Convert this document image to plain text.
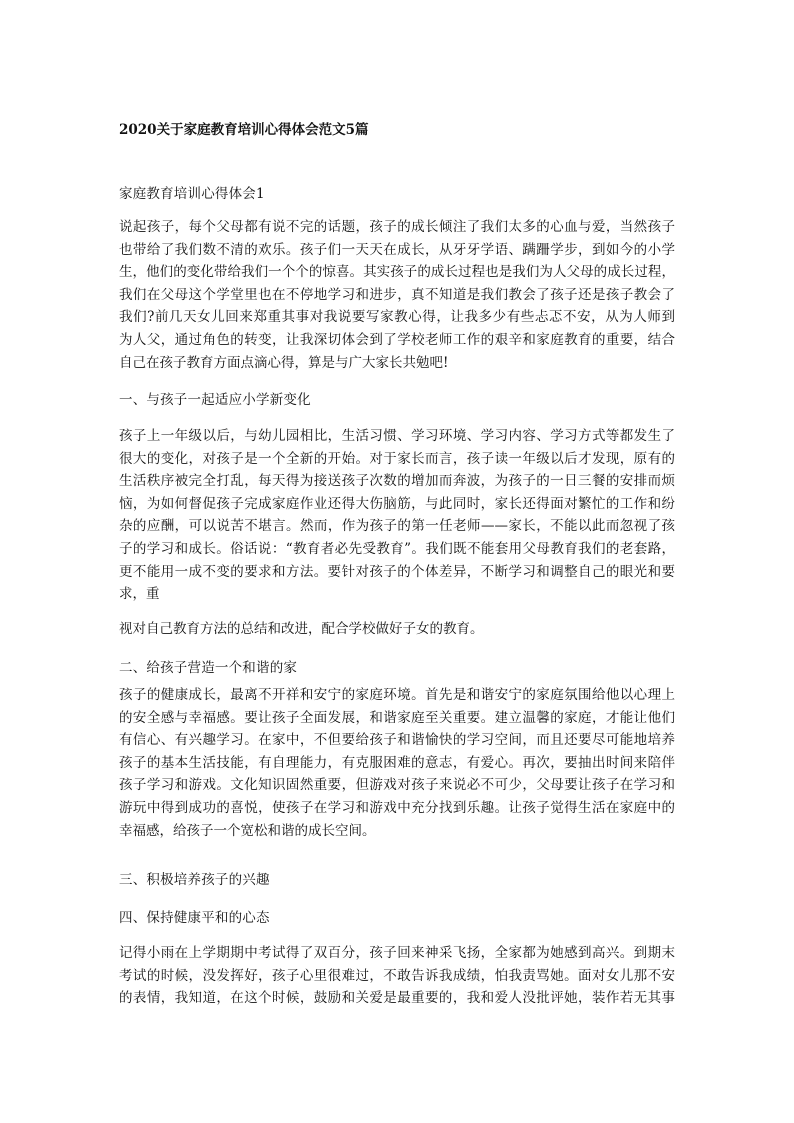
2020关于家庭教育培训心得体会范文5篇
家庭教育培训心得体会1

说起孩子，每个父母都有说不完的话题，孩子的成长倾注了我们太多的心血与爱，当然孩子
也带给了我们数不清的欢乐。孩子们一天天在成长，从牙牙学语、蹒跚学步，到如今的小学
生，他们的变化带给我们一个个的惊喜。其实孩子的成长过程也是我们为人父母的成长过程，
我们在父母这个学堂里也在不停地学习和进步，真不知道是我们教会了孩子还是孩子教会了
我们?前几天女儿回来郑重其事对我说要写家教心得，让我多少有些忐忑不安，从为人师到
为人父，通过角色的转变，让我深切体会到了学校老师工作的艰辛和家庭教育的重要，结合
自己在孩子教育方面点滴心得，算是与广大家长共勉吧!

一、与孩子一起适应小学新变化

孩子上一年级以后，与幼儿园相比，生活习惯、学习环境、学习内容、学习方式等都发生了
很大的变化，对孩子是一个全新的开始。对于家长而言，孩子读一年级以后才发现，原有的
生活秩序被完全打乱，每天得为接送孩子次数的增加而奔波，为孩子的一日三餐的安排而烦
恼，为如何督促孩子完成家庭作业还得大伤脑筋，与此同时，家长还得面对繁忙的工作和纷
杂的应酬，可以说苦不堪言。然而，作为孩子的第一任老师——家长，不能以此而忽视了孩
子的学习和成长。俗话说：“教育者必先受教育”。我们既不能套用父母教育我们的老套路，
更不能用一成不变的要求和方法。要针对孩子的个体差异，不断学习和调整自己的眼光和要
求，重

视对自己教育方法的总结和改进，配合学校做好子女的教育。

二、给孩子营造一个和谐的家

孩子的健康成长，最离不开祥和安宁的家庭环境。首先是和谐安宁的家庭氛围给他以心理上
的安全感与幸福感。要让孩子全面发展，和谐家庭至关重要。建立温馨的家庭，才能让他们
有信心、有兴趣学习。在家中，不但要给孩子和谐愉快的学习空间，而且还要尽可能地培养
孩子的基本生活技能，有自理能力，有克服困难的意志，有爱心。再次，要抽出时间来陪伴
孩子学习和游戏。文化知识固然重要，但游戏对孩子来说必不可少，父母要让孩子在学习和
游玩中得到成功的喜悦，使孩子在学习和游戏中充分找到乐趣。让孩子觉得生活在家庭中的
幸福感，给孩子一个宽松和谐的成长空间。

三、积极培养孩子的兴趣
四、保持健康平和的心态

记得小雨在上学期期中考试得了双百分，孩子回来神采飞扬，全家都为她感到高兴。到期末
考试的时候，没发挥好，孩子心里很难过，不敢告诉我成绩，怕我责骂她。面对女儿那不安
的表情，我知道，在这个时候，鼓励和关爱是最重要的，我和爱人没批评她，装作若无其事
